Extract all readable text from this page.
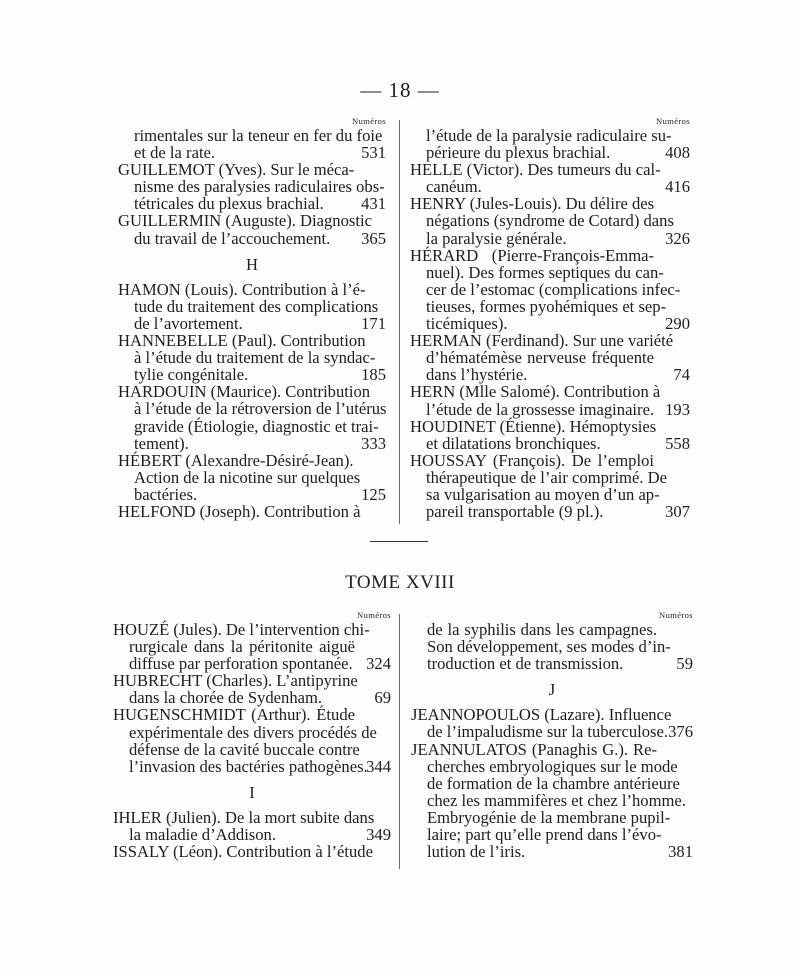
— 18 —
Numéros
rimentales sur la teneur en fer du foie
et de la rate.	531
GUILLEMOT (Yves). Sur le méca-
nisme des paralysies radiculaires obs-
tétricales du plexus brachial.	431
GUILLERMIN (Auguste). Diagnostic
du travail de l’accouchement.	365
H
HAMON (Louis). Contribution à l’é-
tude du traitement des complications
de l’avortement.	171
HANNEBELLE (Paul). Contribution
à l’étude du traitement de la syndac-
tylie congénitale.	185
HARDOUIN (Maurice). Contribution
à l’étude de la rétroversion de l’utérus
gravide (Étiologie, diagnostic et trai-
tement).	333
HÉBERT (Alexandre-Désiré-Jean).
Action de la nicotine sur quelques
bactéries.	125
HELFOND (Joseph). Contribution à
Numéros
l’étude de la paralysie radiculaire su-
périeure du plexus brachial.	408
HELLE (Victor). Des tumeurs du cal-
canéum.	416
HENRY (Jules-Louis). Du délire des
négations (syndrome de Cotard) dans
la paralysie générale.	326
HÉRARD (Pierre-François-Emma-
nuel). Des formes septiques du can-
cer de l’estomac (complications infec-
tieuses, formes pyohémiques et sep-
ticémiques).	290
HERMAN (Ferdinand). Sur une variété
d’hématémèse nerveuse fréquente
dans l’hystérie.	74
HERN (Mlle Salomé). Contribution à
l’étude de la grossesse imaginaire. 193
HOUDINET (Étienne). Hémoptysies
et dilatations bronchiques.	558
HOUSSAY (François). De l’emploi
thérapeutique de l’air comprimé. De
sa vulgarisation au moyen d’un ap-
pareil transportable (9 pl.).	307
TOME XVIII
Numéros
HOUZÉ (Jules). De l’intervention chi-
rurgicale dans la péritonite aiguë
diffuse par perforation spontanée. 324
HUBRECHT (Charles). L’antipyrine
dans la chorée de Sydenham.	69
HUGENSCHMIDT (Arthur). Étude
expérimentale des divers procédés de
défense de la cavité buccale contre
l’invasion des bactéries pathogènes.
344
I
IHLER (Julien). De la mort subite dans
la maladie d’Addison.	349
ISSALY (Léon). Contribution à l’étude
Numéros
de la syphilis dans les campagnes.
Son développement, ses modes d’in-
troduction et de transmission.	59
J
JEANNOPOULOS (Lazare). Influence
de l’impaludisme sur la tuberculose. 376
JEANNULATOS (Panaghis G.). Re-
cherches embryologiques sur le mode
de formation de la chambre antérieure
chez les mammifères et chez l’homme.
Embryogénie de la membrane pupil-
laire; part qu’elle prend dans l’évo-
lution de l’iris.	381
